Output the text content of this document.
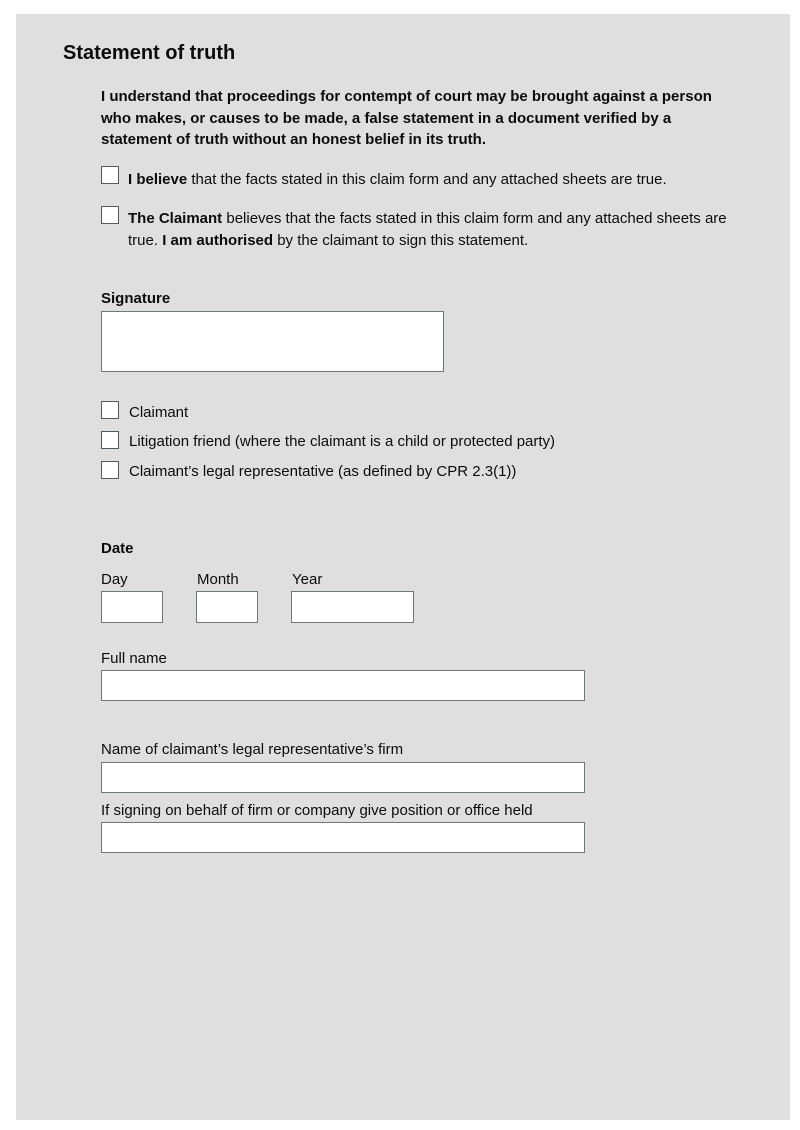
Statement of truth

I understand that proceedings for contempt of court may be brought against a person who makes, or causes to be made, a false statement in a document verified by a statement of truth without an honest belief in its truth.

I believe that the facts stated in this claim form and any attached sheets are true.
The Claimant believes that the facts stated in this claim form and any attached sheets are true. I am authorised by the claimant to sign this statement.
Signature
Claimant
Litigation friend (where the claimant is a child or protected party)
Claimant’s legal representative (as defined by CPR 2.3(1))
Date
Day	Month	Year
Full name
Name of claimant’s legal representative’s firm
If signing on behalf of firm or company give position or office held
